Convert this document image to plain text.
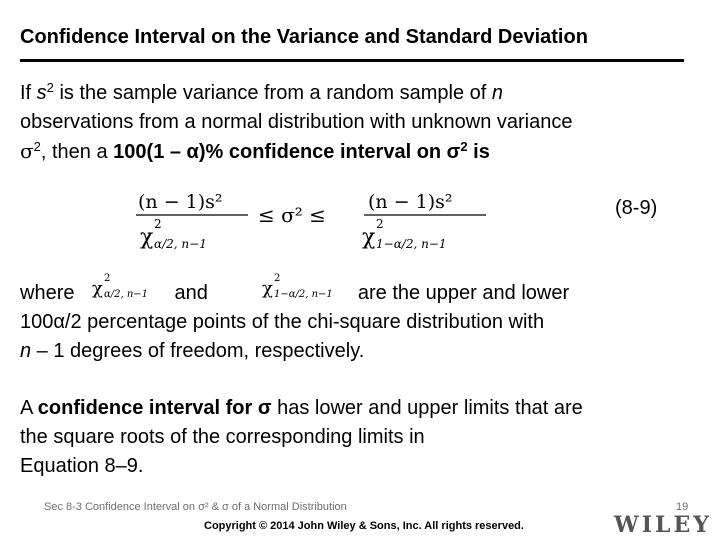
Confidence Interval on the Variance and Standard Deviation
If $s^2$ is the sample variance from a random sample of n
observations from a normal distribution with unknown variance
$\sigma^2$, then a 100(1 – α)% confidence interval on $\sigma^2$ is
(n − 1)s²
χ
2
α/2, n−1
≤ σ² ≤
(n − 1)s²
χ
2
1−α/2, n−1
(8-9)
where	and	are the upper and lower
100α/2 percentage points of the chi-square distribution with
n – 1 degrees of freedom, respectively.
χ 2
α/2, n−1	χ 2
1−α/2, n−1
A confidence interval for σ has lower and upper limits that are
the square roots of the corresponding limits in
Equation 8–9.
Sec 8-3 Confidence Interval on σ² & σ of a Normal Distribution
Copyright © 2014 John Wiley & Sons, Inc. All rights reserved.
19
WILEY
